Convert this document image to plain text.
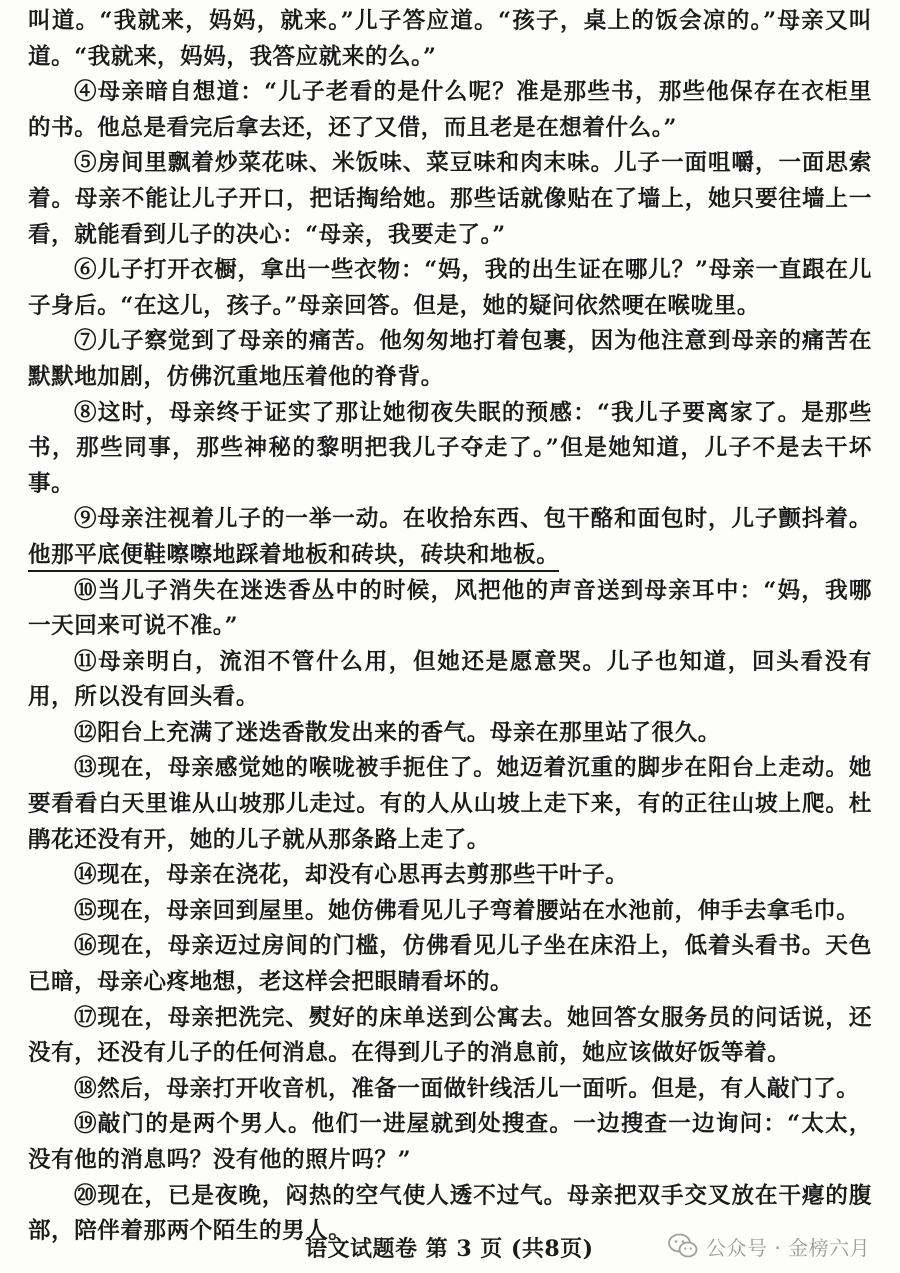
叫道。“我就来，妈妈，就来。”儿子答应道。“孩子，桌上的饭会凉的。”母亲又叫道。“我就来，妈妈，我答应就来的么。”

④母亲暗自想道：“儿子老看的是什么呢？准是那些书，那些他保存在衣柜里的书。他总是看完后拿去还，还了又借，而且老是在想着什么。”

⑤房间里飘着炒菜花味、米饭味、菜豆味和肉末味。儿子一面咀嚼，一面思索着。母亲不能让儿子开口，把话掏给她。那些话就像贴在了墙上，她只要往墙上一看，就能看到儿子的决心：“母亲，我要走了。”

⑥儿子打开衣橱，拿出一些衣物：“妈，我的出生证在哪儿？”母亲一直跟在儿子身后。“在这儿，孩子。”母亲回答。但是，她的疑问依然哽在喉咙里。

⑦儿子察觉到了母亲的痛苦。他匆匆地打着包裹，因为他注意到母亲的痛苦在默默地加剧，仿佛沉重地压着他的脊背。

⑧这时，母亲终于证实了那让她彻夜失眠的预感：“我儿子要离家了。是那些书，那些同事，那些神秘的黎明把我儿子夺走了。”但是她知道，儿子不是去干坏事。

⑨母亲注视着儿子的一举一动。在收拾东西、包干酪和面包时，儿子颤抖着。他那平底便鞋嚓嚓地踩着地板和砖块，砖块和地板。

⑩当儿子消失在迷迭香丛中的时候，风把他的声音送到母亲耳中：“妈，我哪一天回来可说不准。”

⑪母亲明白，流泪不管什么用，但她还是愿意哭。儿子也知道，回头看没有用，所以没有回头看。

⑫阳台上充满了迷迭香散发出来的香气。母亲在那里站了很久。

⑬现在，母亲感觉她的喉咙被手扼住了。她迈着沉重的脚步在阳台上走动。她要看看白天里谁从山坡那儿走过。有的人从山坡上走下来，有的正往山坡上爬。杜鹃花还没有开，她的儿子就从那条路上走了。

⑭现在，母亲在浇花，却没有心思再去剪那些干叶子。

⑮现在，母亲回到屋里。她仿佛看见儿子弯着腰站在水池前，伸手去拿毛巾。

⑯现在，母亲迈过房间的门槛，仿佛看见儿子坐在床沿上，低着头看书。天色已暗，母亲心疼地想，老这样会把眼睛看坏的。

⑰现在，母亲把洗完、熨好的床单送到公寓去。她回答女服务员的问话说，还没有，还没有儿子的任何消息。在得到儿子的消息前，她应该做好饭等着。

⑱然后，母亲打开收音机，准备一面做针线活儿一面听。但是，有人敲门了。

⑲敲门的是两个男人。他们一进屋就到处搜查。一边搜查一边询问：“太太，没有他的消息吗？没有他的照片吗？”

⑳现在，已是夜晚，闷热的空气使人透不过气。母亲把双手交叉放在干瘪的腹部，陪伴着那两个陌生的男人。

语文试题卷 第 3 页 (共8页)	公众号 · 金榜六月
